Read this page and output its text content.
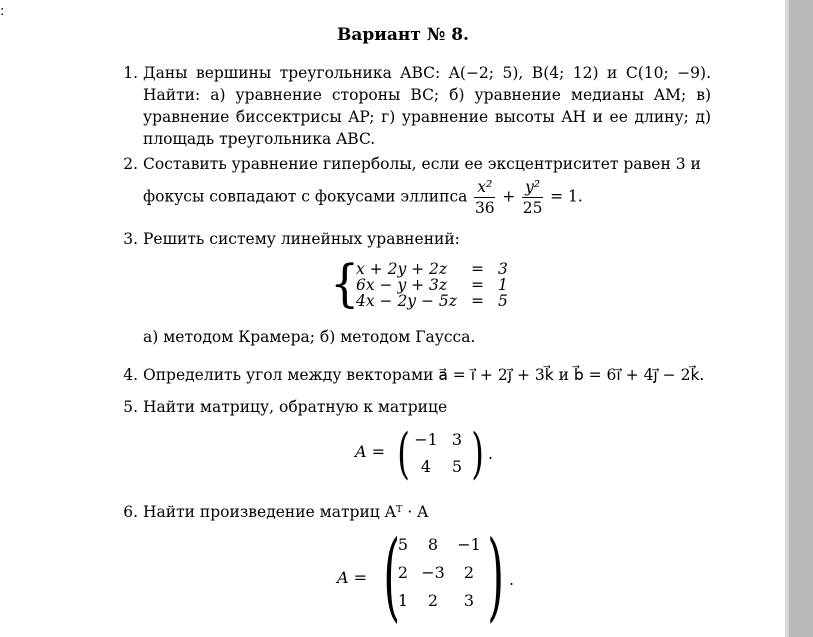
:
Вариант № 8.
1. Даны вершины треугольника ABC: A(−2; 5), B(4; 12) и C(10; −9). Найти: а) уравнение стороны BC; б) уравнение медианы AM; в) уравнение биссектрисы AP; г) уравнение высоты AH и ее длину; д) площадь треугольника ABC.
2. Составить уравнение гиперболы, если ее эксцентриситет равен 3 и
фокусы совпадают с фокусами эллипса $\frac{\text{x²}}{36} + \frac{\text{y²}}{25} = 1$.
3. Решить систему линейных уравнений:
{
x + 2y + 2z = 3
6x − y + 3z = 1
4x − 2y − 5z = 5
а) методом Крамера; б) методом Гаусса.
4. Определить угол между векторами a⃗ = i⃗ + 2j⃗ + 3k⃗ и b⃗ = 6i⃗ + 4j⃗ − 2k⃗.
5. Найти матрицу, обратную к матрице
A = ( −1 3
4	5 ) .
6. Найти произведение матриц Aᵀ · A
A = (
5	8	−1
2 −3	2
1	2	3 ) .
